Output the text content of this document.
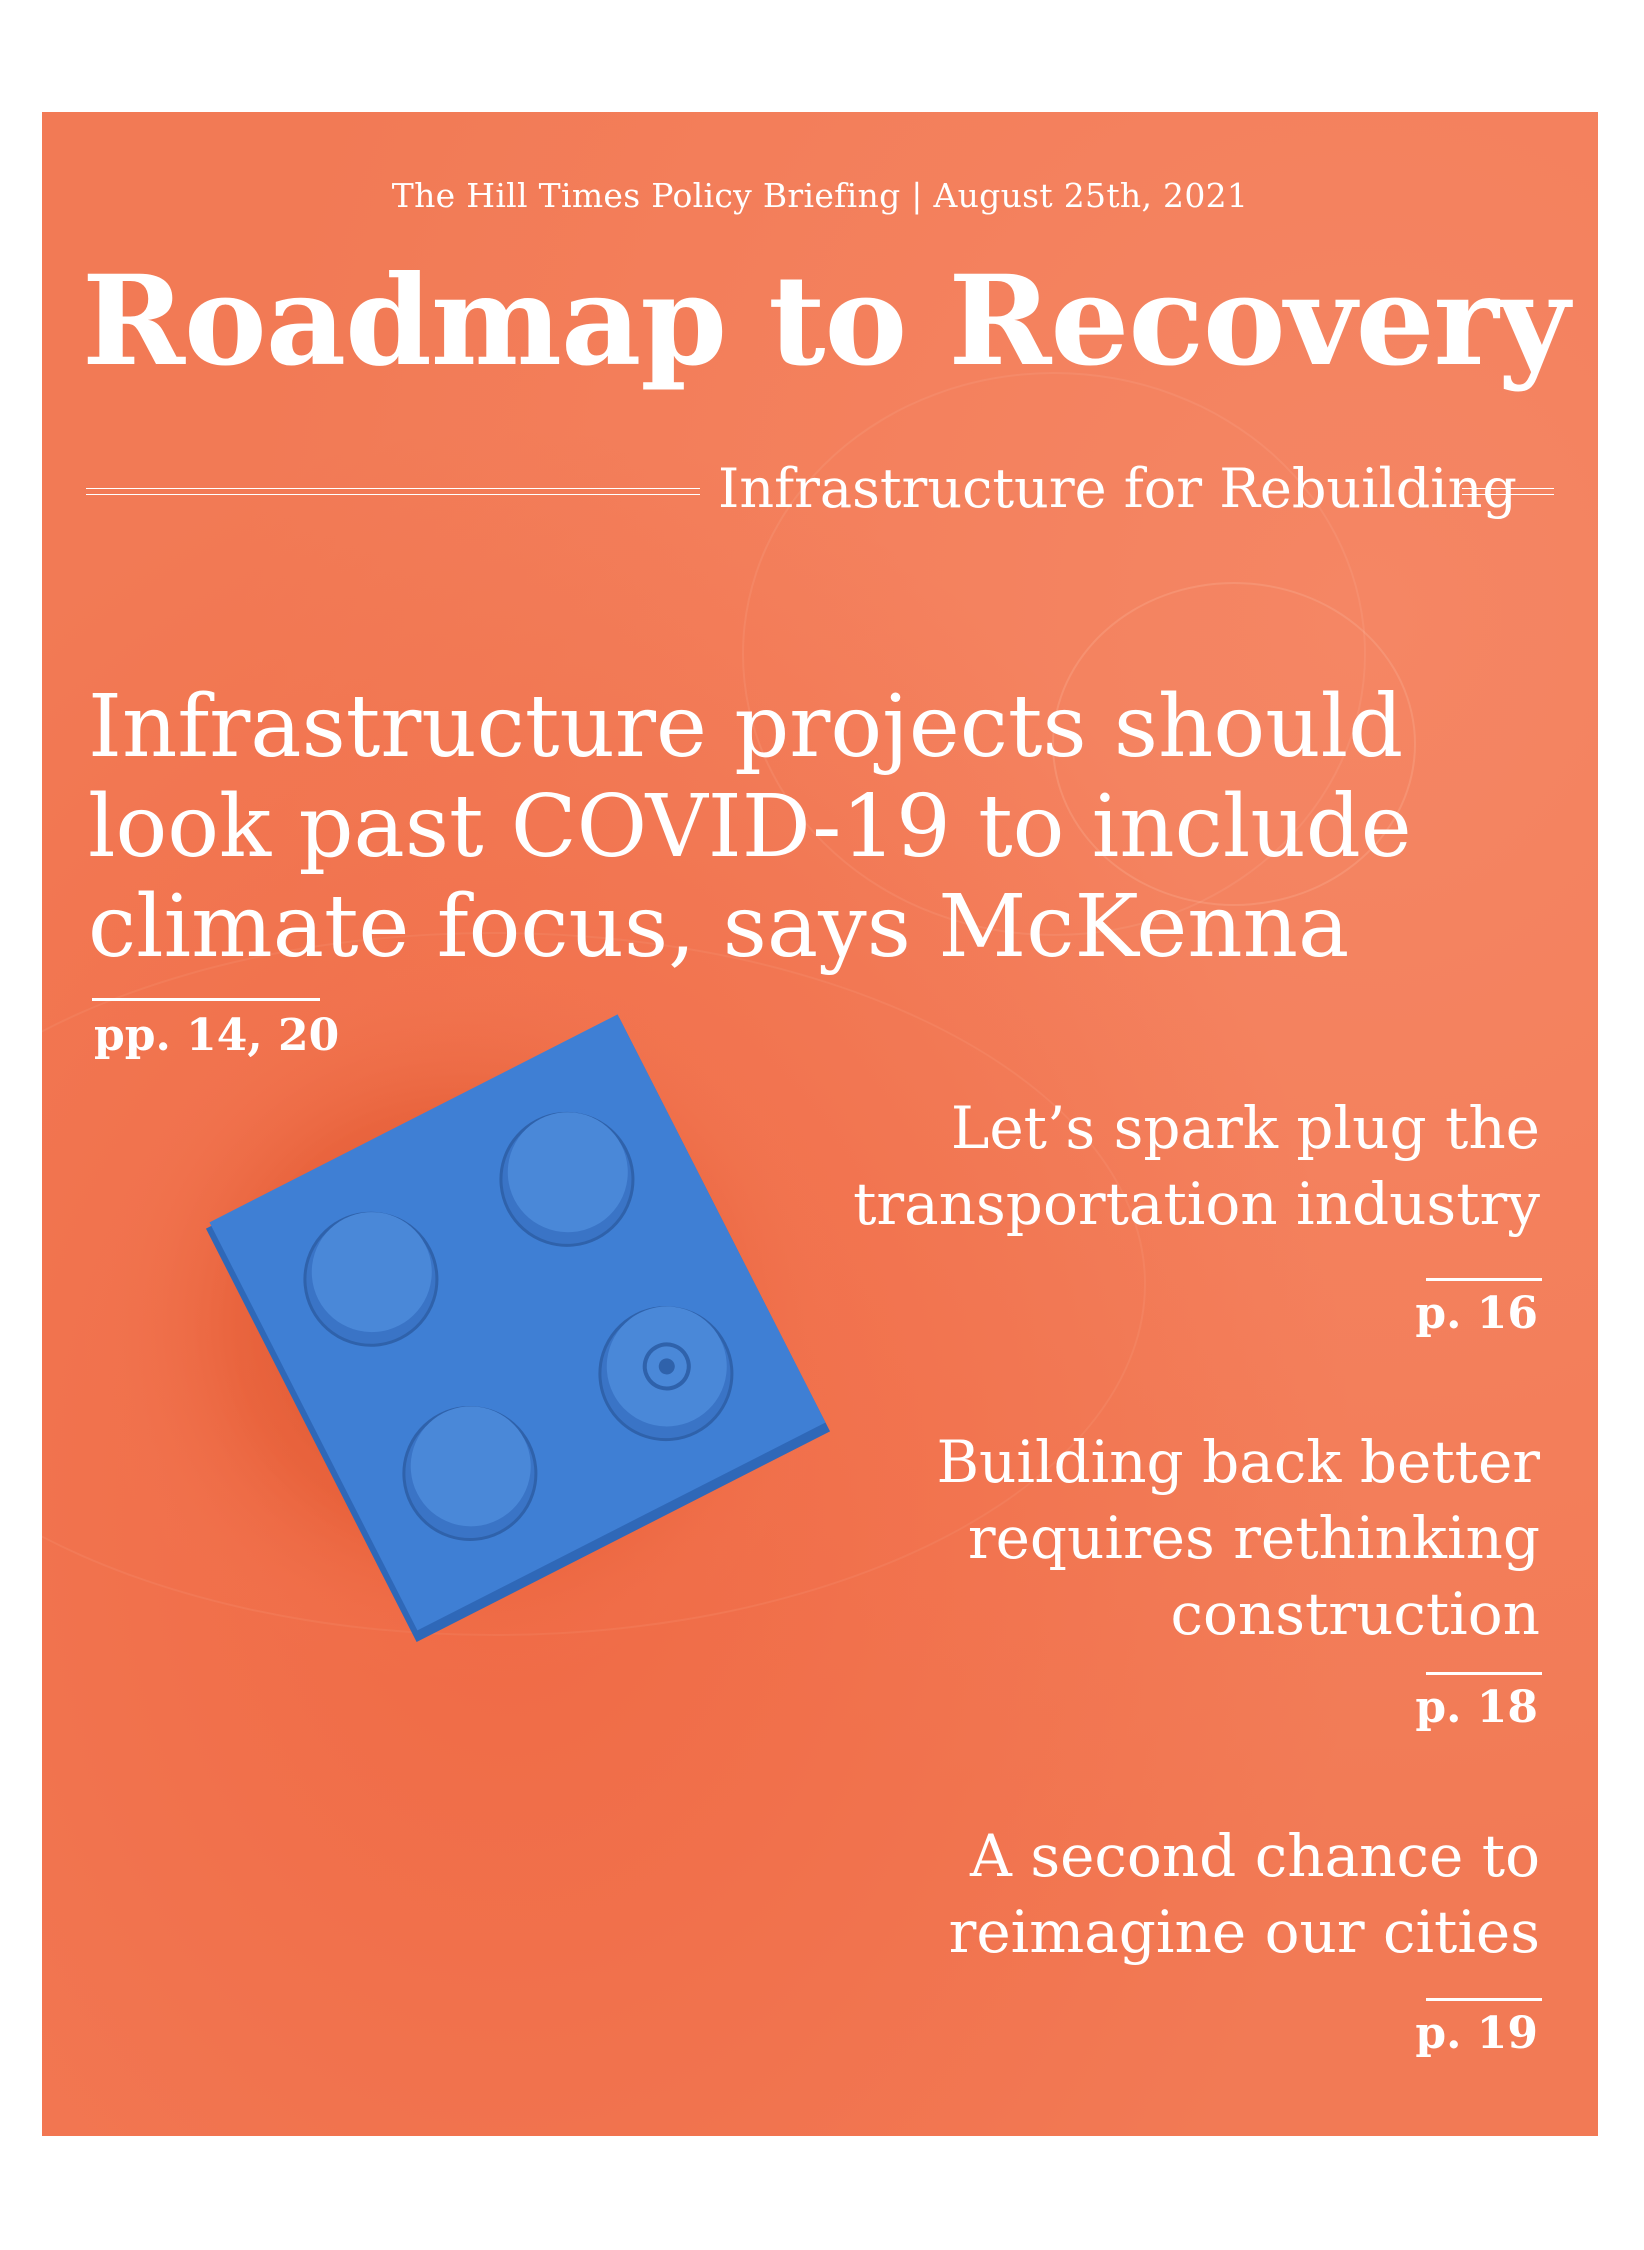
The Hill Times Policy Briefing | August 25th, 2021

Roadmap to Recovery

Infrastructure for Rebuilding

Infrastructure projects should
look past COVID-19 to include
climate focus, says McKenna

pp. 14, 20

Let’s spark plug the
transportation industry

p. 16

Building back better
requires rethinking
construction

p. 18

A second chance to
reimagine our cities

p. 19
